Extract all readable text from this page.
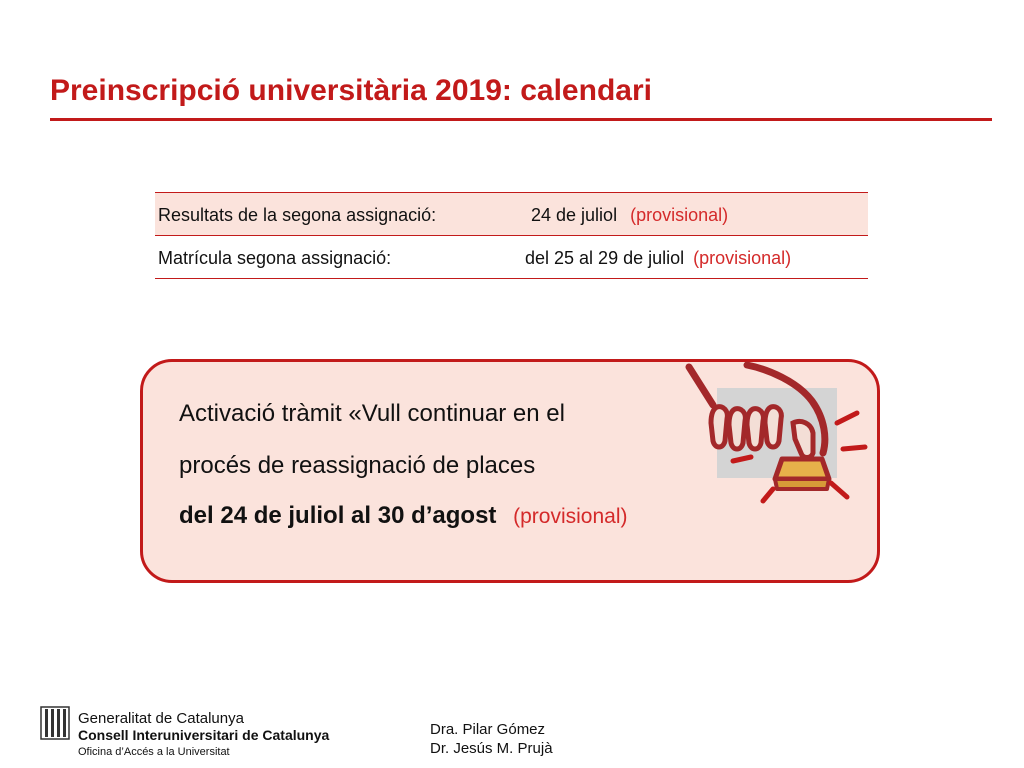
Preinscripció universitària 2019: calendari
Resultats de la segona assignació:	24 de juliol (provisional)
Matrícula segona assignació:	del 25 al 29 de juliol (provisional)
Activació tràmit «Vull continuar en el
procés de reassignació de places
del 24 de juliol al 30 d’agost (provisional)
Generalitat de Catalunya
Consell Interuniversitari de Catalunya
Oficina d’Accés a la Universitat
Dra. Pilar Gómez
Dr. Jesús M. Prujà
